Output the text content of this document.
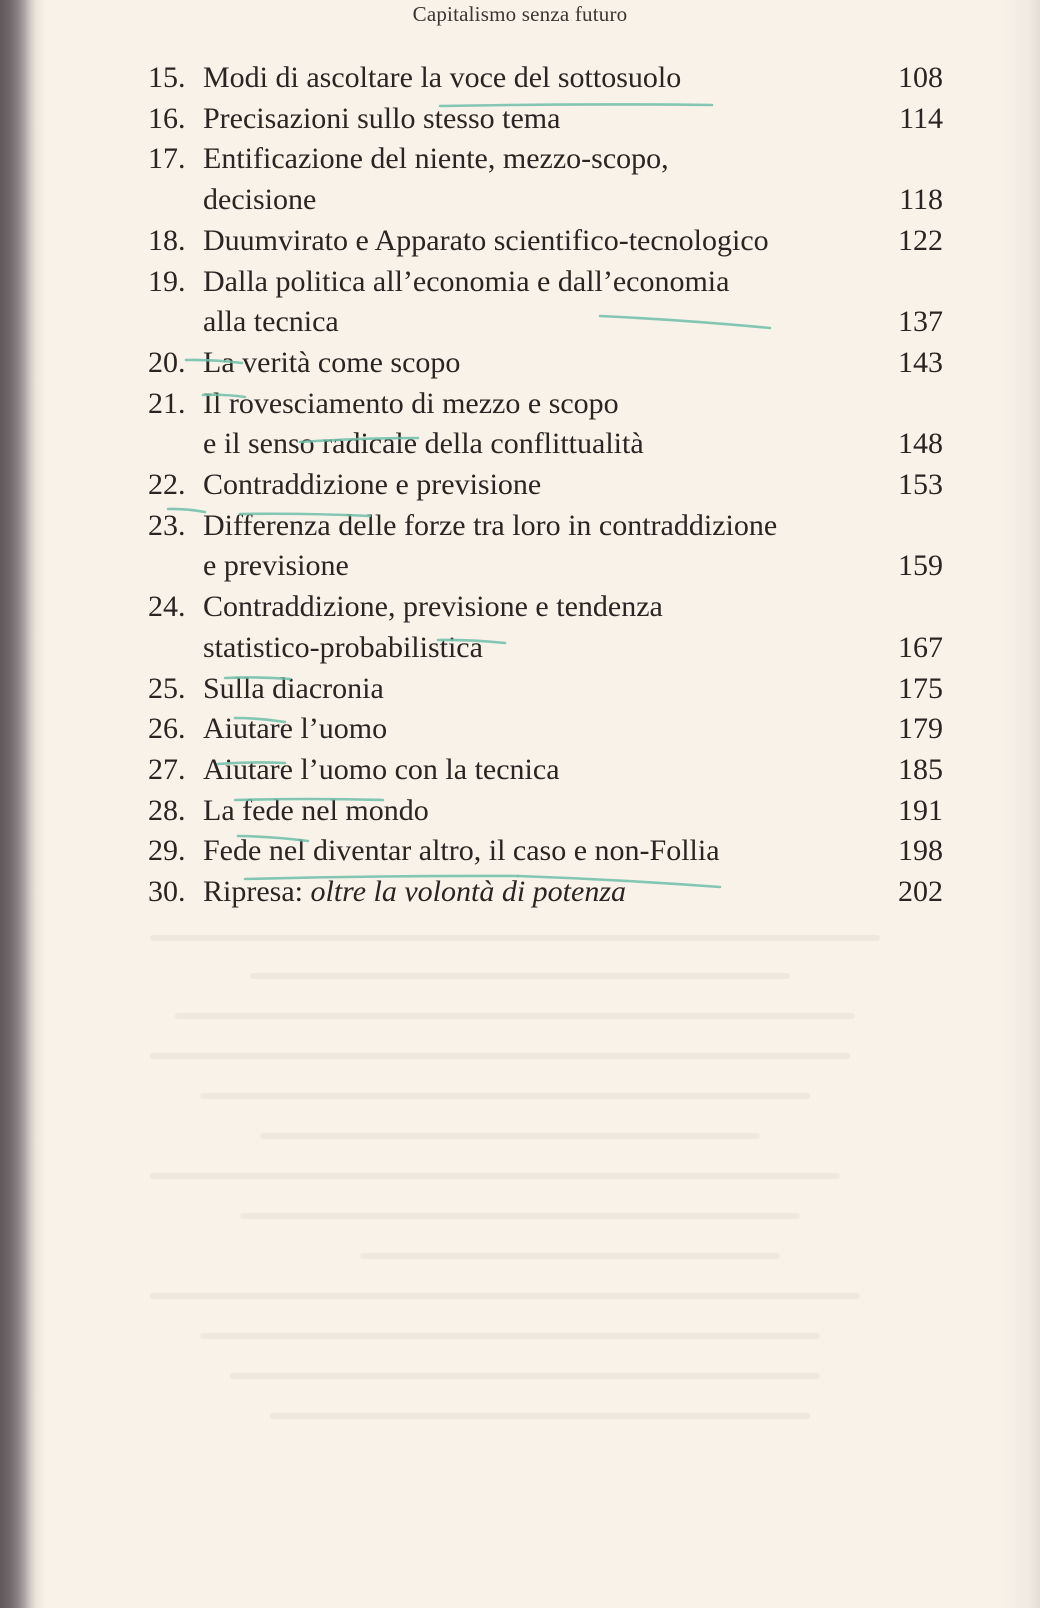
Capitalismo senza futuro
15. Modi di ascoltare la voce del sottosuolo	108
16. Precisazioni sullo stesso tema	114
17. Entificazione del niente, mezzo-scopo,
decisione	118
18. Duumvirato e Apparato scientifico-tecnologico	122
19. Dalla politica all’economia e dall’economia
alla tecnica	137
20. La verità come scopo	143
21. Il rovesciamento di mezzo e scopo
e il senso radicale della conflittualità	148
22. Contraddizione e previsione	153
23. Differenza delle forze tra loro in contraddizione
e previsione	159
24. Contraddizione, previsione e tendenza
statistico-probabilistica	167
25. Sulla diacronia	175
26. Aiutare l’uomo	179
27. Aiutare l’uomo con la tecnica	185
28. La fede nel mondo	191
29. Fede nel diventar altro, il caso e non-Follia	198
30. Ripresa: oltre la volontà di potenza	202
